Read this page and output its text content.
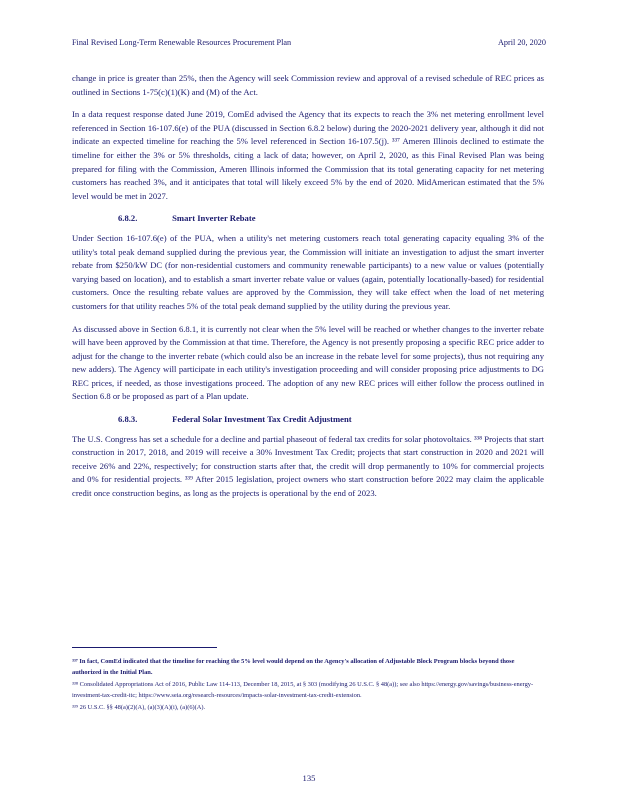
Final Revised Long-Term Renewable Resources Procurement Plan	April 20, 2020

change in price is greater than 25%, then the Agency will seek Commission review and approval of a revised schedule of REC prices as outlined in Sections 1-75(c)(1)(K) and (M) of the Act.

In a data request response dated June 2019, ComEd advised the Agency that its expects to reach the 3% net metering enrollment level referenced in Section 16-107.6(e) of the PUA (discussed in Section 6.8.2 below) during the 2020-2021 delivery year, although it did not indicate an expected timeline for reaching the 5% level referenced in Section 16-107.5(j). ³³⁷ Ameren Illinois declined to estimate the timeline for either the 3% or 5% thresholds, citing a lack of data; however, on April 2, 2020, as this Final Revised Plan was being prepared for filing with the Commission, Ameren Illinois informed the Commission that its total generating capacity for net metering customers has reached 3%, and it anticipates that total will likely exceed 5% by the end of 2020. MidAmerican estimated that the 5% level would be met in 2027.

6.8.2.	Smart Inverter Rebate

Under Section 16-107.6(e) of the PUA, when a utility's net metering customers reach total generating capacity equaling 3% of the utility's total peak demand supplied during the previous year, the Commission will initiate an investigation to adjust the smart inverter rebate from $250/kW DC (for non-residential customers and community renewable participants) to a new value or values (potentially varying based on location), and to establish a smart inverter rebate value or values (again, potentially locationally-based) for residential customers. Once the resulting rebate values are approved by the Commission, they will take effect when the load of net metering customers for that utility reaches 5% of the total peak demand supplied by the utility during the previous year.

As discussed above in Section 6.8.1, it is currently not clear when the 5% level will be reached or whether changes to the inverter rebate will have been approved by the Commission at that time. Therefore, the Agency is not presently proposing a specific REC price adder to adjust for the change to the inverter rebate (which could also be an increase in the rebate level for some projects), thus not requiring any new adders). The Agency will participate in each utility's investigation proceeding and will consider proposing price adjustments to DG REC prices, if needed, as those investigations proceed. The adoption of any new REC prices will either follow the process outlined in Section 6.8 or be proposed as part of a Plan update.

6.8.3.	Federal Solar Investment Tax Credit Adjustment

The U.S. Congress has set a schedule for a decline and partial phaseout of federal tax credits for solar photovoltaics. ³³⁸ Projects that start construction in 2017, 2018, and 2019 will receive a 30% Investment Tax Credit; projects that start construction in 2020 and 2021 will receive 26% and 22%, respectively; for construction starts after that, the credit will drop permanently to 10% for commercial projects and 0% for residential projects. ³³⁹ After 2015 legislation, project owners who start construction before 2022 may claim the applicable credit once construction begins, as long as the projects is operational by the end of 2023.

³³⁷ In fact, ComEd indicated that the timeline for reaching the 5% level would depend on the Agency's allocation of Adjustable Block Program blocks beyond those authorized in the Initial Plan.

³³⁸ Consolidated Appropriations Act of 2016, Public Law 114-113, December 18, 2015, at § 303 (modifying 26 U.S.C. § 48(a)); see also https://energy.gov/savings/business-energy-investment-tax-credit-itc; https://www.seia.org/research-resources/impacts-solar-investment-tax-credit-extension.

³³⁹ 26 U.S.C. §§ 48(a)(2)(A), (a)(3)(A)(i), (a)(6)(A).

135
